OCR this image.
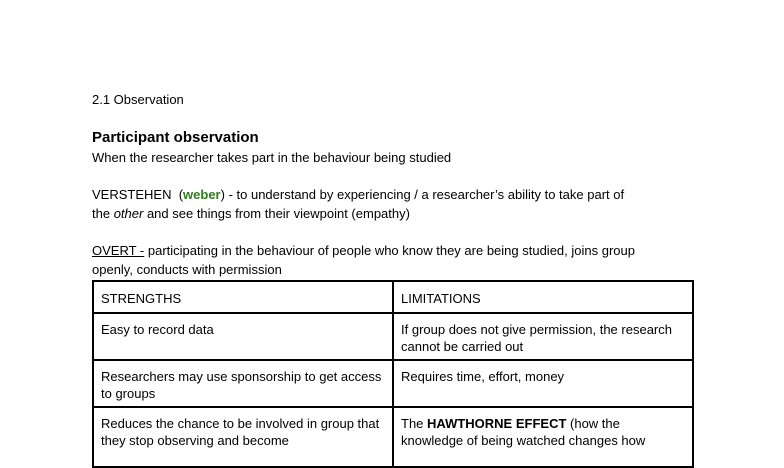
2.1 Observation
Participant observation
When the researcher takes part in the behaviour being studied
VERSTEHEN (weber) - to understand by experiencing / a researcher’s ability to take part of
the other and see things from their viewpoint (empathy)
OVERT - participating in the behaviour of people who know they are being studied, joins group
openly, conducts with permission
STRENGTHS	LIMITATIONS
Easy to record data	If group does not give permission, the research cannot be carried out
Researchers may use sponsorship to get access to groups	Requires time, effort, money
Reduces the chance to be involved in group that they stop observing and become	The HAWTHORNE EFFECT (how the knowledge of being watched changes how
